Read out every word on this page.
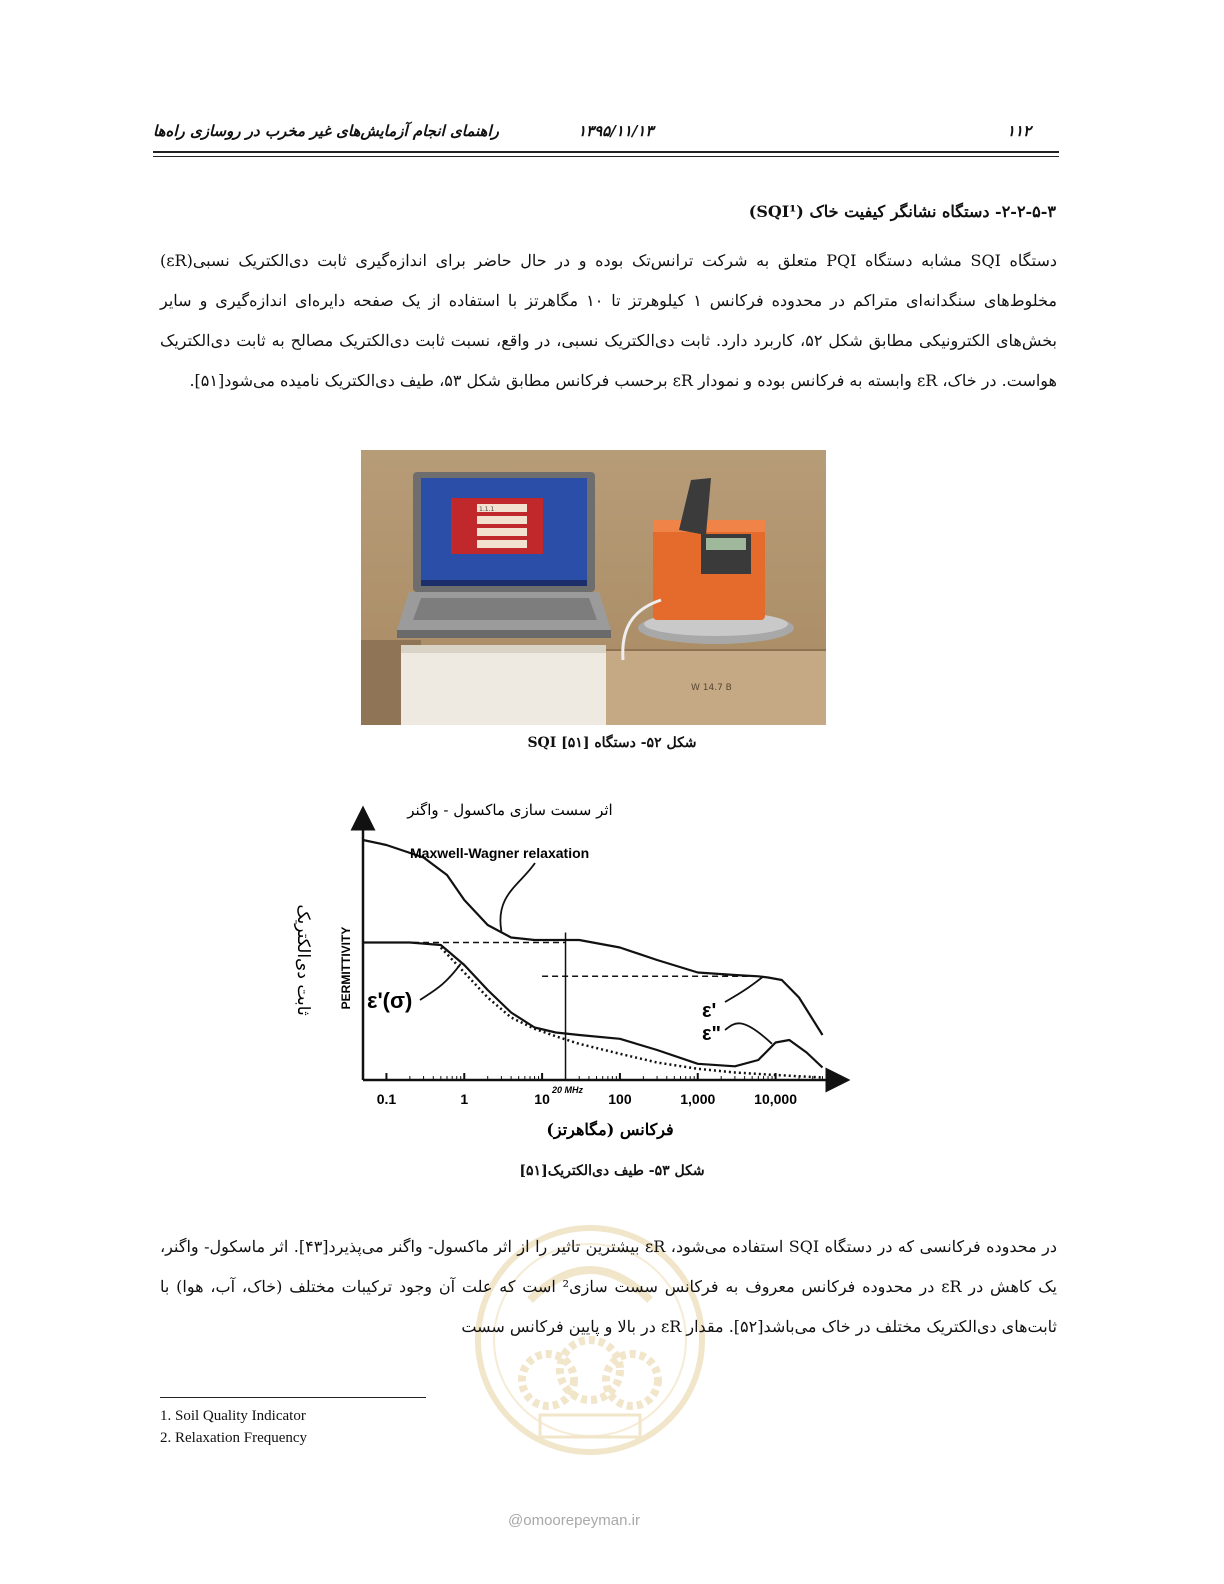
راهنمای انجام آزمایش‌های غیر مخرب در روسازی راه‌ها	۱۳۹۵/۱۱/۱۳	۱۱۲
۲-۲-۵-۳- دستگاه نشانگر کیفیت خاک (SQI¹)
دستگاه SQI مشابه دستگاه PQI متعلق به شرکت ترانس‌تک بوده و در حال حاضر برای اندازه‌گیری ثابت دی‌الکتریک نسبی(εR) مخلوط‌های سنگدانه‌ای متراکم در محدوده فرکانس ۱ کیلوهرتز تا ۱۰ مگاهرتز با استفاده از یک صفحه دایره‌ای اندازه‌گیری و سایر بخش‌های الکترونیکی مطابق شکل ۵۲، کاربرد دارد. ثابت دی‌الکتریک نسبی، در واقع، نسبت ثابت دی‌الکتریک مصالح به ثابت دی‌الکتریک هواست. در خاک، εR وابسته به فرکانس بوده و نمودار εR برحسب فرکانس مطابق شکل ۵۳، طیف دی‌الکتریک نامیده می‌شود[۵۱].
W 14.7 B
1.1.1
شکل ۵۲- دستگاه SQI [۵۱]
0.1	1	10	100	1,000	10,000
اثر سست سازی ماکسول - واگنر
Maxwell-Wagner relaxation
ε'(σ)	ε'
ε"
20 MHz
PERMITTIVITY
ثابت دی‌الکتریک
فرکانس (مگاهرتز)
شکل ۵۳- طیف دی‌الکتریک[۵۱]
در محدوده فرکانسی که در دستگاه SQI استفاده می‌شود، εR بیشترین تاثیر را از اثر ماکسول- واگنر می‌پذیرد[۴۳]. اثر ماسکول- واگنر، یک کاهش در εR در محدوده فرکانس معروف به فرکانس سست سازی² است که علت آن وجود ترکیبات مختلف (خاک، آب، هوا) با ثابت‌های دی‌الکتریک مختلف در خاک می‌باشد[۵۲]. مقدار εR در بالا و پایین فرکانس سست
1. Soil Quality Indicator
2. Relaxation Frequency
@omoorepeyman.ir
